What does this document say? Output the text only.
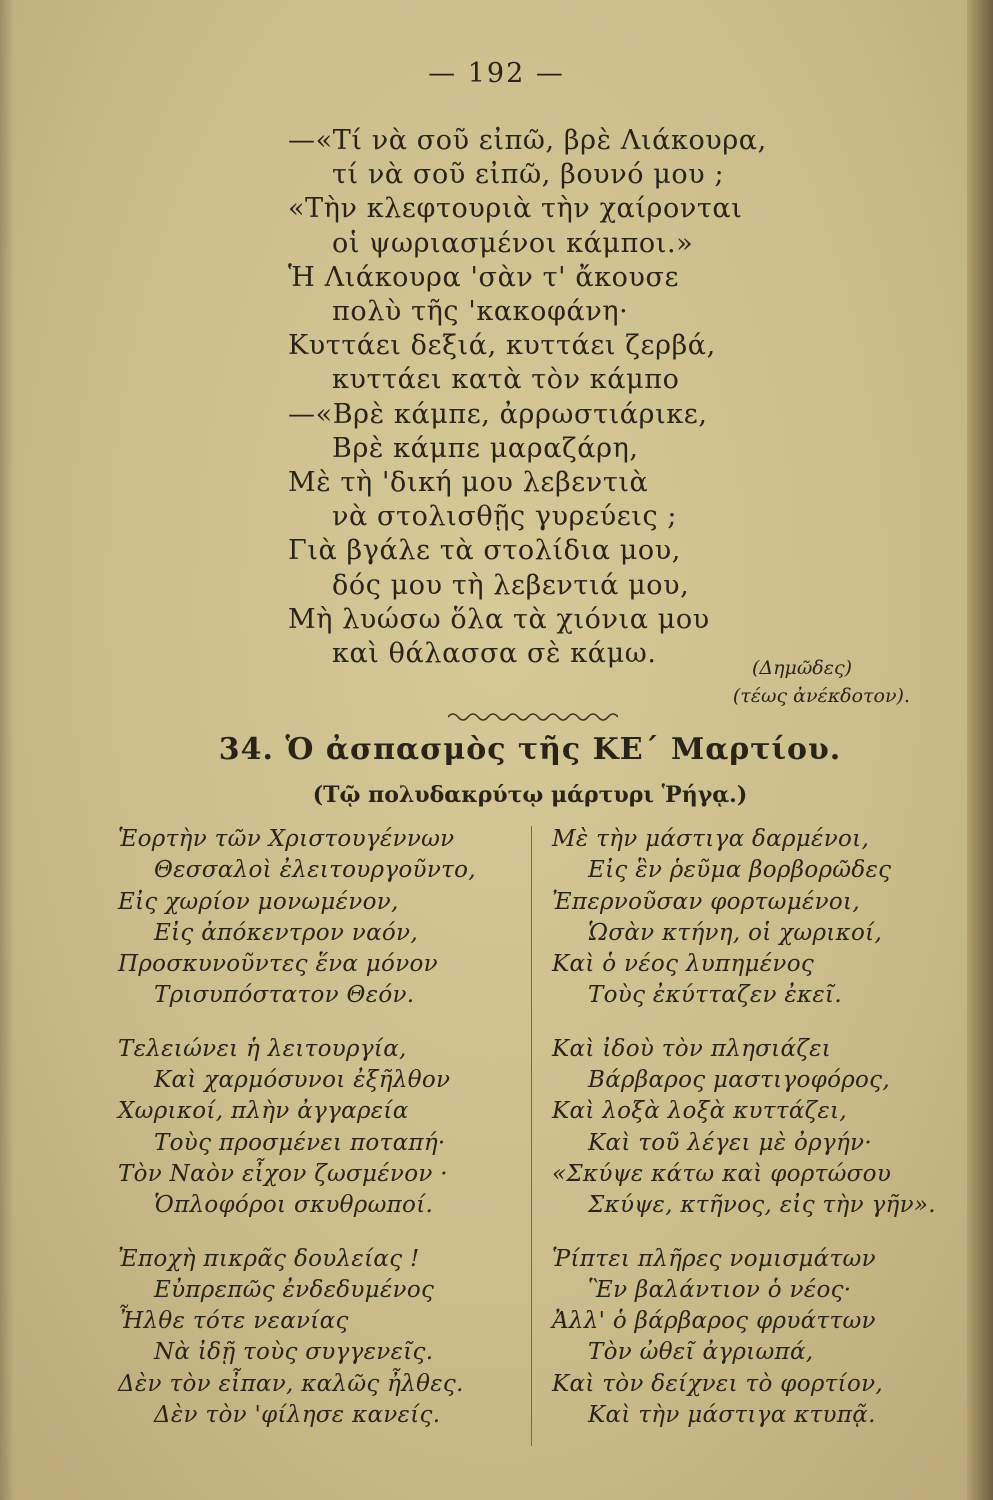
— 192 —
—«Τί νὰ σοῦ εἰπῶ, βρὲ Λιάκουρα,
τί νὰ σοῦ εἰπῶ, βουνό μου ;
«Τὴν κλεφτουριὰ τὴν χαίρονται
οἱ ψωριασμένοι κάμποι.»
Ἡ Λιάκουρα 'σὰν τ' ἄκουσε
πολὺ τῆς 'κακοφάνη·
Κυττάει δεξιά, κυττάει ζερβά,
κυττάει κατὰ τὸν κάμπο
—«Βρὲ κάμπε, ἀρρωστιάρικε,
Βρὲ κάμπε μαραζάρη,
Μὲ τὴ 'δική μου λεβεντιὰ
νὰ στολισθῇς γυρεύεις ;
Γιὰ βγάλε τὰ στολίδια μου,
δός μου τὴ λεβεντιά μου,
Μὴ λυώσω ὅλα τὰ χιόνια μου
καὶ θάλασσα σὲ κάμω.	(Δημῶδες)
(τέως ἀνέκδοτον).
34. Ὁ ἀσπασμὸς τῆς ΚΕ΄ Μαρτίου.
(Τῷ πολυδακρύτῳ μάρτυρι Ῥήγᾳ.)
Ἑορτὴν τῶν Χριστουγέννων
Θεσσαλοὶ ἐλειτουργοῦντο,
Εἰς χωρίον μονωμένον,
Εἰς ἀπόκεντρον ναόν,
Προσκυνοῦντες ἕνα μόνον
Τρισυπόστατον Θεόν.
Τελειώνει ἡ λειτουργία,
Καὶ χαρμόσυνοι ἐξῆλθον
Χωρικοί, πλὴν ἀγγαρεία
Τοὺς προσμένει ποταπή·
Τὸν Ναὸν εἶχον ζωσμένον ·
Ὁπλοφόροι σκυθρωποί.
Ἐποχὴ πικρᾶς δουλείας !
Εὐπρεπῶς ἐνδεδυμένος
Ἦλθε τότε νεανίας
Νὰ ἰδῇ τοὺς συγγενεῖς.
Δὲν τὸν εἶπαν, καλῶς ἦλθες.
Δὲν τὸν 'φίλησε κανείς.
Μὲ τὴν μάστιγα δαρμένοι,
Εἰς ἓν ῥεῦμα βορβορῶδες
Ἐπερνοῦσαν φορτωμένοι,
Ὡσὰν κτήνη, οἱ χωρικοί,
Καὶ ὁ νέος λυπημένος
Τοὺς ἐκύτταζεν ἐκεῖ.
Καὶ ἰδοὺ τὸν πλησιάζει
Βάρβαρος μαστιγοφόρος,
Καὶ λοξὰ λοξὰ κυττάζει,
Καὶ τοῦ λέγει μὲ ὀργήν·
«Σκύψε κάτω καὶ φορτώσου
Σκύψε, κτῆνος, εἰς τὴν γῆν».
Ῥίπτει πλῆρες νομισμάτων
Ἓν βαλάντιον ὁ νέος·
Ἀλλ' ὁ βάρβαρος φρυάττων
Τὸν ὠθεῖ ἀγριωπά,
Καὶ τὸν δείχνει τὸ φορτίον,
Καὶ τὴν μάστιγα κτυπᾷ.
